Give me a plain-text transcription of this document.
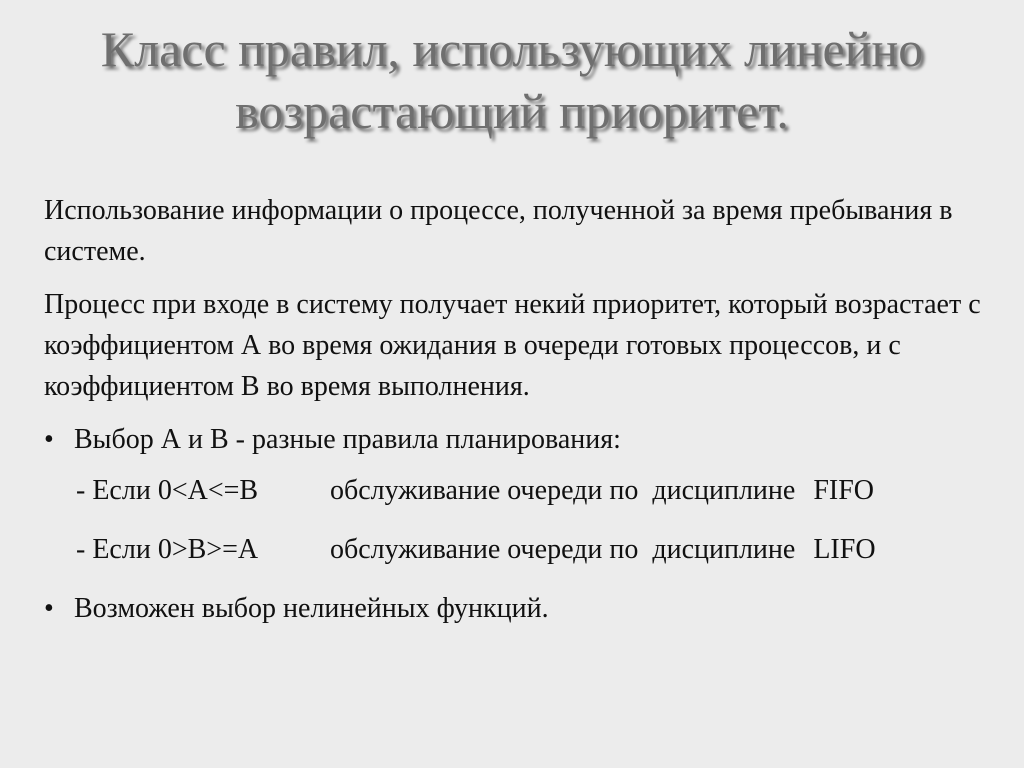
Класс правил, использующих линейно
возрастающий приоритет.

Использование информации о процессе, полученной за время пребывания в системе.

Процесс при входе в систему получает некий приоритет, который возрастает с коэффициентом А во время ожидания в очереди готовых процессов, и с коэффициентом В во время выполнения.

• Выбор А и В - разные правила планирования:
- Если 0<А<=В	обслуживание очереди по  дисциплине FIFO
- Если 0>В>=А	обслуживание очереди по  дисциплине LIFO
• Возможен выбор нелинейных функций.
